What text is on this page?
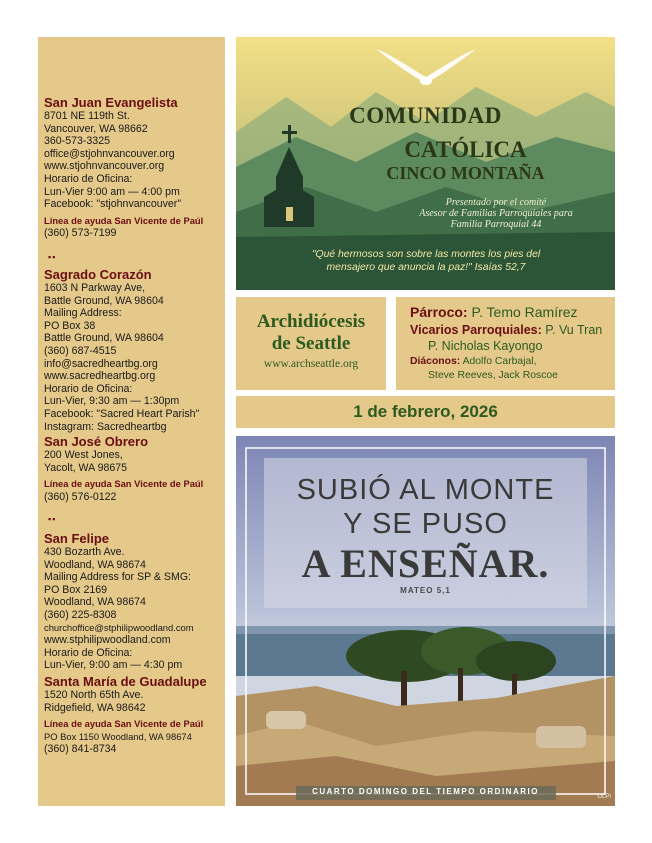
San Juan Evangelista
8701 NE 119th St.
Vancouver, WA 98662
360-573-3325
office@stjohnvancouver.org
www.stjohnvancouver.org
Horario de Oficina:
Lun-Vier 9:00 am — 4:00 pm
Facebook: "stjohnvancouver"
Línea de ayuda San Vicente de Paúl
(360) 573-7199
▪▪
Sagrado Corazón
1603 N Parkway Ave,
Battle Ground, WA 98604
Mailing Address:
PO Box 38
Battle Ground, WA 98604
(360) 687-4515
info@sacredheartbg.org
www.sacredheartbg.org
Horario de Oficina:
Lun-Vier, 9:30 am — 1:30pm
Facebook: "Sacred Heart Parish"
Instagram: Sacredheartbg
San José Obrero
200 West Jones,
Yacolt, WA 98675
Línea de ayuda San Vicente de Paúl
(360) 576-0122
▪▪
San Felipe
430 Bozarth Ave.
Woodland, WA 98674
Mailing Address for SP & SMG:
PO Box 2169
Woodland, WA 98674
(360) 225-8308
churchoffice@stphilipwoodland.com
www.stphilipwoodland.com
Horario de Oficina:
Lun-Vier, 9:00 am — 4:30 pm
Santa María de Guadalupe
1520 North 65th Ave.
Ridgefield, WA 98642
Línea de ayuda San Vicente de Paúl
PO Box 1150 Woodland, WA 98674
(360) 841-8734
COMUNIDAD
CATÓLICA
CINCO MONTAÑA
Presentado por el comité
Asesor de Familias Parroquiales para
Familia Parroquial 44
"Qué hermosos son sobre las montes los pies del
mensajero que anuncia la paz!" Isaías 52,7
Archidiócesis
de Seattle
www.archseattle.org
Párroco: P. Temo Ramírez
Vicarios Parroquiales: P. Vu Tran
P. Nicholas Kayongo
Diáconos: Adolfo Carbajal,
Steve Reeves, Jack Roscoe
1 de febrero, 2026
SUBIÓ AL MONTE
Y SE PUSO
A ENSEÑAR.
MATEO 5,1
CUARTO DOMINGO DEL TIEMPO ORDINARIO
OLPI
